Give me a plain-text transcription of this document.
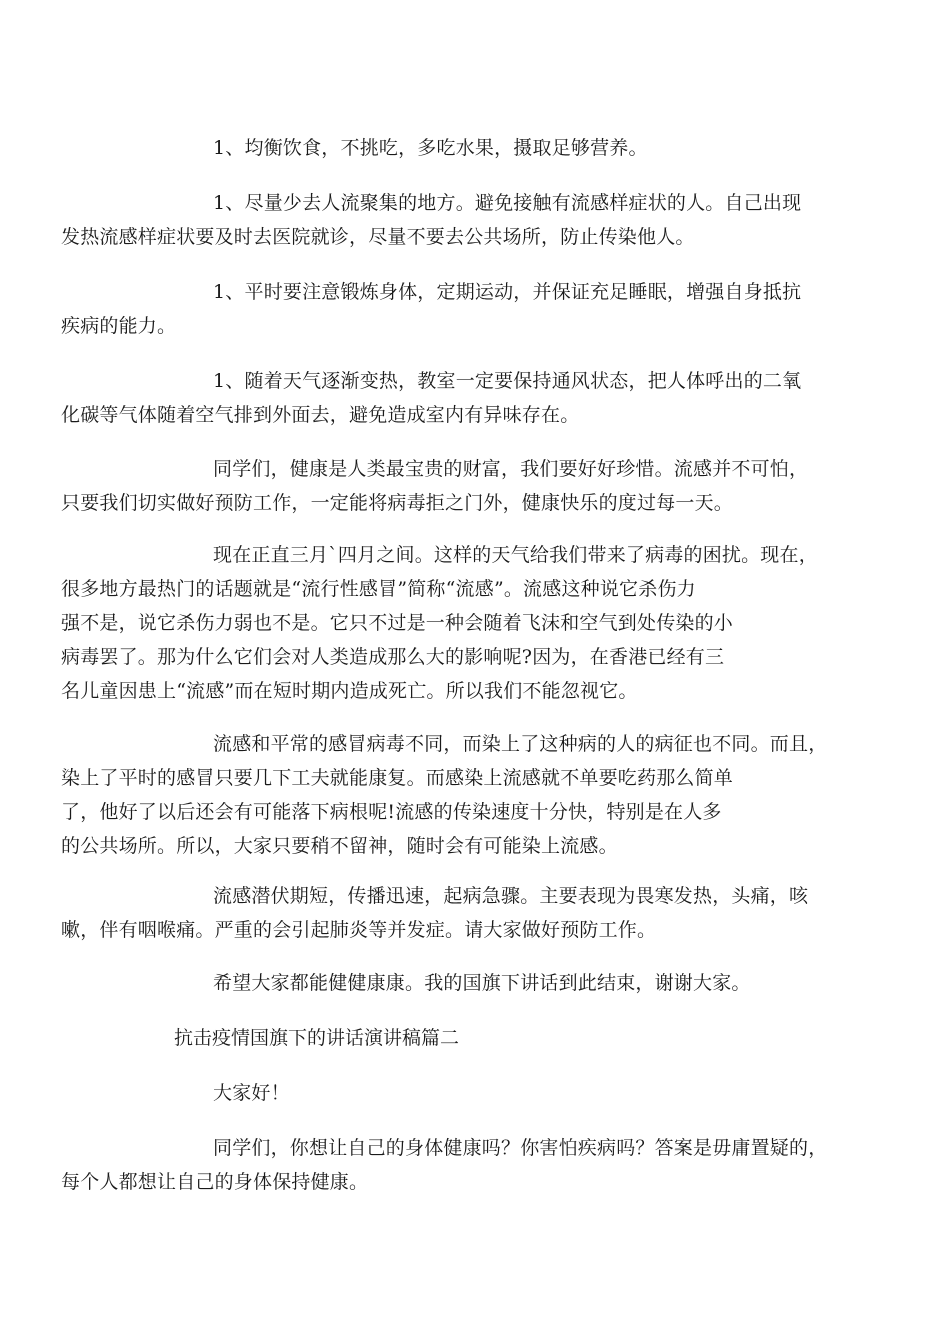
1、均衡饮食，不挑吃，多吃水果，摄取足够营养。

1、尽量少去人流聚集的地方。避免接触有流感样症状的人。自己出现
发热流感样症状要及时去医院就诊，尽量不要去公共场所，防止传染他人。

1、平时要注意锻炼身体，定期运动，并保证充足睡眠，增强自身抵抗
疾病的能力。

1、随着天气逐渐变热，教室一定要保持通风状态，把人体呼出的二氧
化碳等气体随着空气排到外面去，避免造成室内有异味存在。

同学们，健康是人类最宝贵的财富，我们要好好珍惜。流感并不可怕，
只要我们切实做好预防工作，一定能将病毒拒之门外，健康快乐的度过每一天。

现在正直三月`四月之间。这样的天气给我们带来了病毒的困扰。现在，
很多地方最热门的话题就是“流行性感冒”简称“流感”。流感这种说它杀伤力
强不是，说它杀伤力弱也不是。它只不过是一种会随着飞沫和空气到处传染的小
病毒罢了。那为什么它们会对人类造成那么大的影响呢?因为，在香港已经有三
名儿童因患上“流感”而在短时期内造成死亡。所以我们不能忽视它。

流感和平常的感冒病毒不同，而染上了这种病的人的病征也不同。而且，
染上了平时的感冒只要几下工夫就能康复。而感染上流感就不单要吃药那么简单
了，他好了以后还会有可能落下病根呢!流感的传染速度十分快，特别是在人多
的公共场所。所以，大家只要稍不留神，随时会有可能染上流感。

流感潜伏期短，传播迅速，起病急骤。主要表现为畏寒发热，头痛，咳
嗽，伴有咽喉痛。严重的会引起肺炎等并发症。请大家做好预防工作。

希望大家都能健健康康。我的国旗下讲话到此结束，谢谢大家。

抗击疫情国旗下的讲话演讲稿篇二

大家好！

同学们，你想让自己的身体健康吗？你害怕疾病吗？答案是毋庸置疑的，
每个人都想让自己的身体保持健康。
